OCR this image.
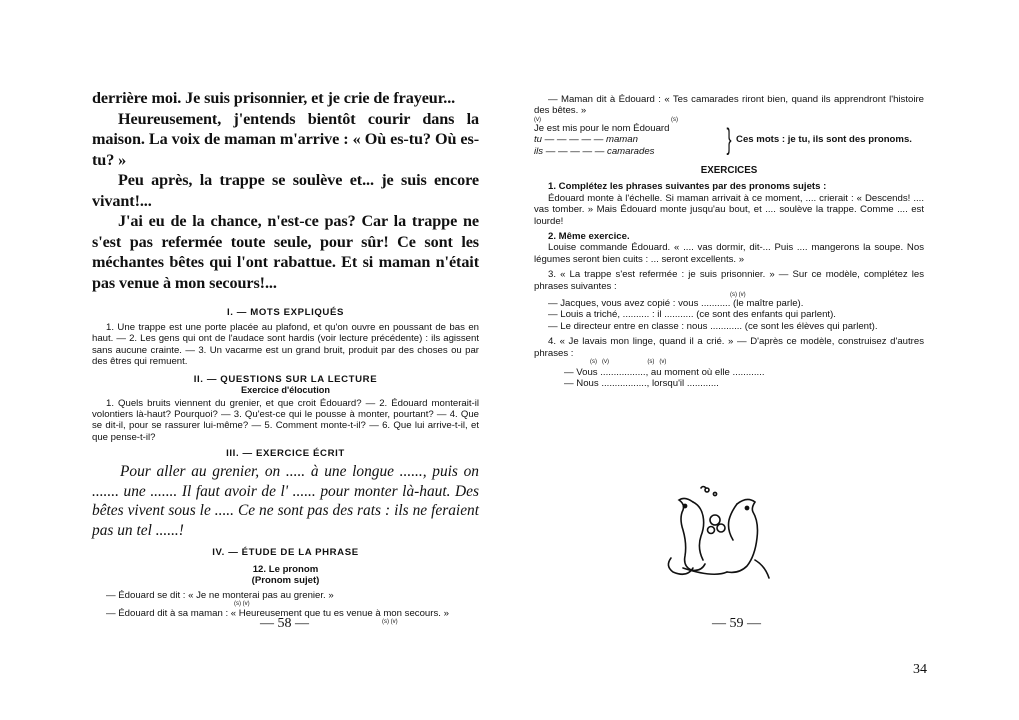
derrière moi. Je suis prisonnier, et je crie de frayeur...

Heureusement, j'entends bientôt courir dans la maison. La voix de maman m'arrive : « Où es-tu? Où es-tu? »

Peu après, la trappe se soulève et... je suis encore vivant!...

J'ai eu de la chance, n'est-ce pas? Car la trappe ne s'est pas refermée toute seule, pour sûr! Ce sont les méchantes bêtes qui l'ont rabattue. Et si maman n'était pas venue à mon secours!...

I. — MOTS EXPLIQUÉS

1. Une trappe est une porte placée au plafond, et qu'on ouvre en poussant de bas en haut. — 2. Les gens qui ont de l'audace sont hardis (voir lecture précédente) : ils agissent sans aucune crainte. — 3. Un vacarme est un grand bruit, produit par des choses ou par des êtres qui remuent.

II. — QUESTIONS SUR LA LECTURE

Exercice d'élocution

1. Quels bruits viennent du grenier, et que croit Édouard? — 2. Édouard monterait-il volontiers là-haut? Pourquoi? — 3. Qu'est-ce qui le pousse à monter, pourtant? — 4. Que se dit-il, pour se rassurer lui-même? — 5. Comment monte-t-il? — 6. Que lui arrive-t-il, et que pense-t-il?

III. — EXERCICE ÉCRIT

Pour aller au grenier, on ..... à une longue ......, puis on ....... une ....... Il faut avoir de l' ...... pour monter là-haut. Des bêtes vivent sous le ..... Ce ne sont pas des rats : ils ne feraient pas un tel ......!

IV. — ÉTUDE DE LA PHRASE

12. Le pronom

(Pronom sujet)

— Édouard se dit : « Je ne monterai pas au grenier. »

(s) (v)

— Édouard dit à sa maman : « Heureusement que tu es venue à mon secours. »

(s) (v)

— 58 —

— Maman dit à Édouard : « Tes camarades riront bien, quand ils apprendront l'histoire des bêtes. »

(v)                                                                              (s)

Je est mis pour le nom Édouard
tu — — — — — maman
ils — — — — — camarades	} Ces mots : je tu, ils sont des pronoms.

EXERCICES

1. Complétez les phrases suivantes par des pronoms sujets :

Édouard monte à l'échelle. Si maman arrivait à ce moment, .... crierait : « Descends! .... vas tomber. » Mais Édouard monte jusqu'au bout, et .... soulève la trappe. Comme .... est lourde!

2. Même exercice.

Louise commande Édouard. « .... vas dormir, dit-... Puis .... mangerons la soupe. Nos légumes seront bien cuits : ... seront excellents. »

3. « La trappe s'est refermée : je suis prisonnier. » — Sur ce modèle, complétez les phrases suivantes :

(s) (v)

— Jacques, vous avez copié : vous ........... (le maître parle).

— Louis a triché, .......... : il ........... (ce sont des enfants qui parlent).

— Le directeur entre en classe : nous ............ (ce sont les élèves qui parlent).

4. « Je lavais mon linge, quand il a crié. » — D'après ce modèle, construisez d'autres phrases :

(s)   (v)                       (s)   (v)

— Vous ................., au moment où elle ............

— Nous ................., lorsqu'il ............

— 59 —
34
